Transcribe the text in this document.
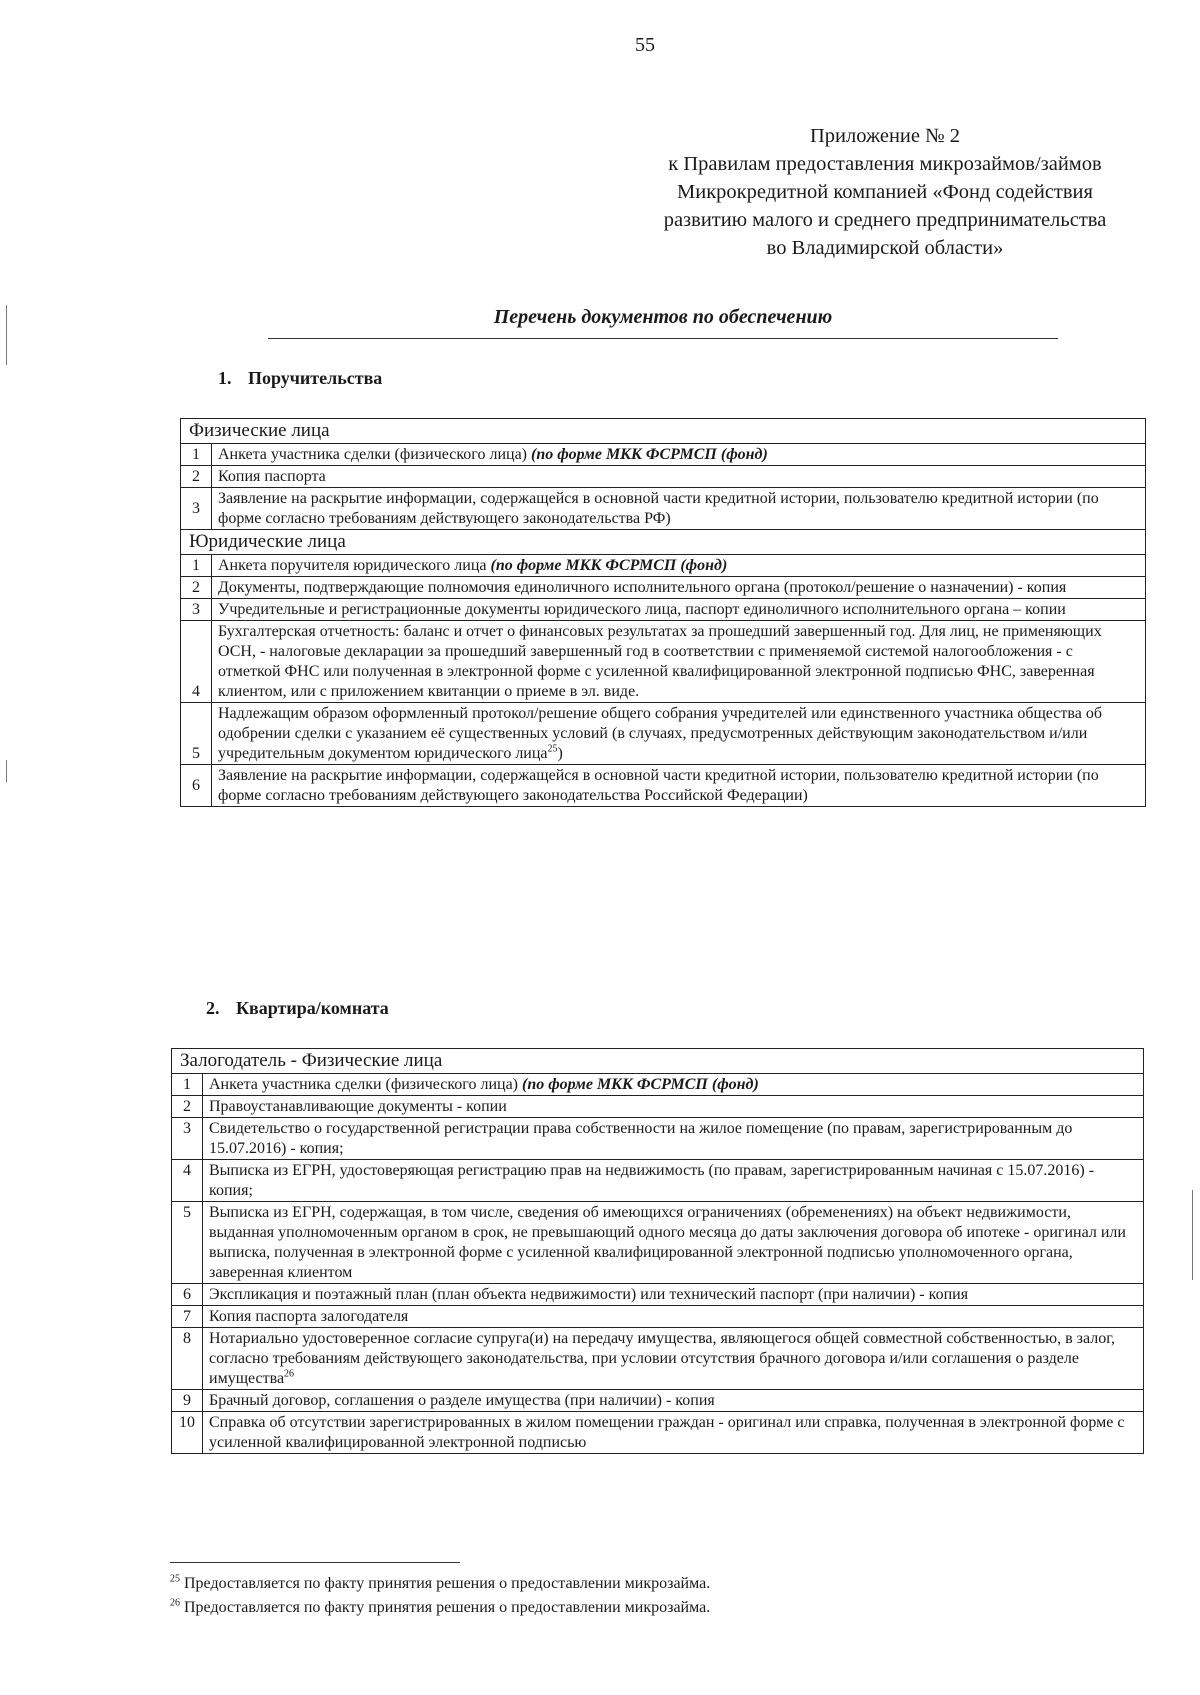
55
Приложение № 2
к Правилам предоставления микрозаймов/займов
Микрокредитной компанией «Фонд содействия
развитию малого и среднего предпринимательства
во Владимирской области»
Перечень документов по обеспечению
1. Поручительства
Физические лица	
1	Анкета участника сделки (физического лица) (по форме МКК ФСРМСП (фонд)
2	Копия паспорта
3	Заявление на раскрытие информации, содержащейся в основной части кредитной истории, пользователю кредитной истории (по форме согласно требованиям действующего законодательства РФ)
Юридические лица	
1	Анкета поручителя юридического лица (по форме МКК ФСРМСП (фонд)
2	Документы, подтверждающие полномочия единоличного исполнительного органа (протокол/решение о назначении) - копия
3	Учредительные и регистрационные документы юридического лица, паспорт единоличного исполнительного органа – копии
4	Бухгалтерская отчетность: баланс и отчет о финансовых результатах за прошедший завершенный год. Для лиц, не применяющих ОСН, - налоговые декларации за прошедший завершенный год в соответствии с применяемой системой налогообложения - с отметкой ФНС или полученная в электронной форме с усиленной квалифицированной электронной подписью ФНС, заверенная клиентом, или с приложением квитанции о приеме в эл. виде.
5	Надлежащим образом оформленный протокол/решение общего собрания учредителей или единственного участника общества об одобрении сделки с указанием её существенных условий (в случаях, предусмотренных действующим законодательством и/или учредительным документом юридического лица$^{25}$)
6	Заявление на раскрытие информации, содержащейся в основной части кредитной истории, пользователю кредитной истории (по форме согласно требованиям действующего законодательства Российской Федерации)
2. Квартира/комната
Залогодатель - Физические лица	
1	Анкета участника сделки (физического лица) (по форме МКК ФСРМСП (фонд)
2	Правоустанавливающие документы - копии
3	Свидетельство о государственной регистрации права собственности на жилое помещение (по правам, зарегистрированным до 15.07.2016) - копия;
4	Выписка из ЕГРН, удостоверяющая регистрацию прав на недвижимость (по правам, зарегистрированным начиная с 15.07.2016) - копия;
5	Выписка из ЕГРН, содержащая, в том числе, сведения об имеющихся ограничениях (обременениях) на объект недвижимости, выданная уполномоченным органом в срок, не превышающий одного месяца до даты заключения договора об ипотеке - оригинал или выписка, полученная в электронной форме с усиленной квалифицированной электронной подписью уполномоченного органа, заверенная клиентом
6	Экспликация и поэтажный план (план объекта недвижимости) или технический паспорт (при наличии) - копия
7	Копия паспорта залогодателя
8	Нотариально удостоверенное согласие супруга(и) на передачу имущества, являющегося общей совместной собственностью, в залог, согласно требованиям действующего законодательства, при условии отсутствия брачного договора и/или соглашения о разделе имущества$^{26}$
9	Брачный договор, соглашения о разделе имущества (при наличии) - копия
10	Справка об отсутствии зарегистрированных в жилом помещении граждан - оригинал или справка, полученная в электронной форме с усиленной квалифицированной электронной подписью
$^{25}$ Предоставляется по факту принятия решения о предоставлении микрозайма.
$^{26}$ Предоставляется по факту принятия решения о предоставлении микрозайма.
